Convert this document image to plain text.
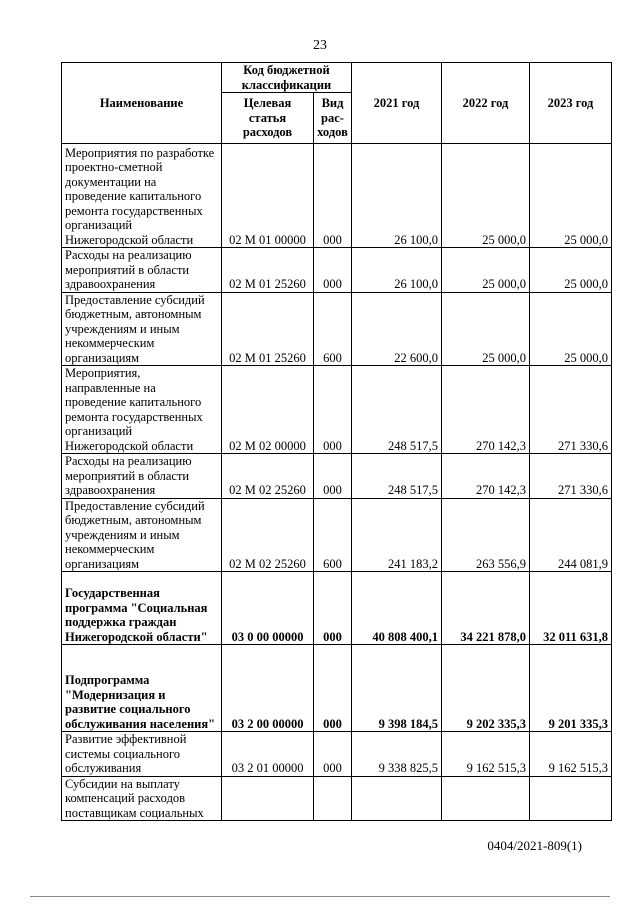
23
Наименование	Код бюджетной классификации		2021 год	2022 год	2023 год
	Целевая статья расходов	Вид рас-ходов			
Мероприятия по разработке проектно-сметной документации на проведение капитального ремонта государственных организаций Нижегородской области	02 М 01 00000	000	26 100,0	25 000,0	25 000,0
Расходы на реализацию мероприятий в области здравоохранения	02 М 01 25260	000	26 100,0	25 000,0	25 000,0
Предоставление субсидий бюджетным, автономным учреждениям и иным некоммерческим организациям	02 М 01 25260	600	22 600,0	25 000,0	25 000,0
Мероприятия, направленные на проведение капитального ремонта государственных организаций Нижегородской области	02 М 02 00000	000	248 517,5	270 142,3	271 330,6
Расходы на реализацию мероприятий в области здравоохранения	02 М 02 25260	000	248 517,5	270 142,3	271 330,6
Предоставление субсидий бюджетным, автономным учреждениям и иным некоммерческим организациям	02 М 02 25260	600	241 183,2	263 556,9	244 081,9
Государственная программа "Социальная поддержка граждан Нижегородской области"	03 0 00 00000	000	40 808 400,1	34 221 878,0	32 011 631,8
Подпрограмма "Модернизация и развитие социального обслуживания населения"	03 2 00 00000	000	9 398 184,5	9 202 335,3	9 201 335,3
Развитие эффективной системы социального обслуживания	03 2 01 00000	000	9 338 825,5	9 162 515,3	9 162 515,3
Субсидии на выплату компенсаций расходов поставщикам социальных					
0404/2021-809(1)
